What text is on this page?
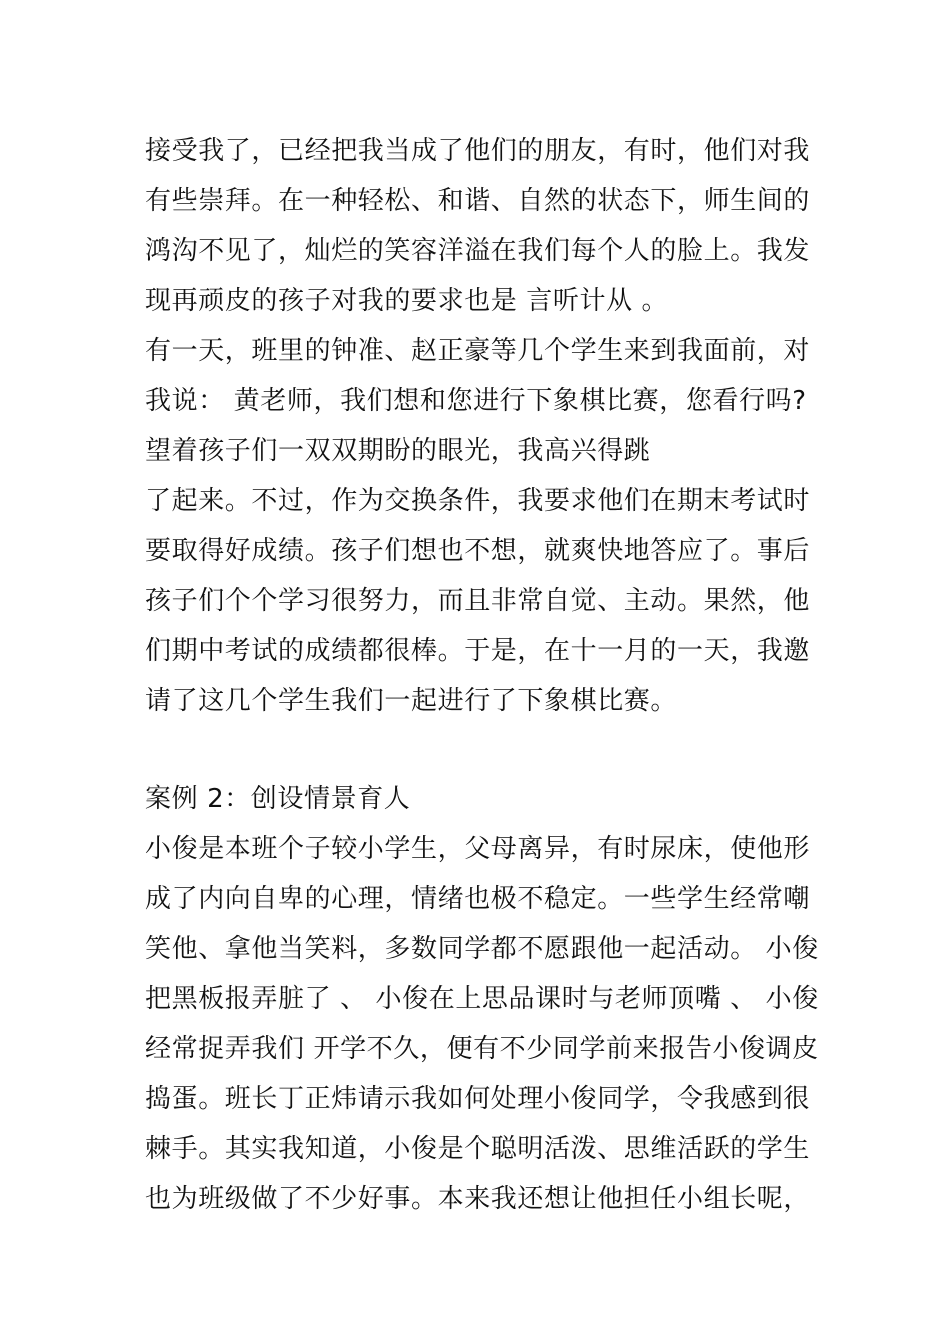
接受我了，已经把我当成了他们的朋友，有时，他们对我
有些崇拜。在一种轻松、和谐、自然的状态下，师生间的
鸿沟不见了，灿烂的笑容洋溢在我们每个人的脸上。我发
现再顽皮的孩子对我的要求也是 言听计从 。
有一天，班里的钟准、赵正豪等几个学生来到我面前，对
我说： 黄老师，我们想和您进行下象棋比赛，您看行吗?
望着孩子们一双双期盼的眼光，我高兴得跳
了起来。不过，作为交换条件，我要求他们在期末考试时
要取得好成绩。孩子们想也不想，就爽快地答应了。事后
孩子们个个学习很努力，而且非常自觉、主动。果然，他
们期中考试的成绩都很棒。于是，在十一月的一天，我邀
请了这几个学生我们一起进行了下象棋比赛。
案例 2：创设情景育人
小俊是本班个子较小学生，父母离异，有时尿床，使他形
成了内向自卑的心理，情绪也极不稳定。一些学生经常嘲
笑他、拿他当笑料，多数同学都不愿跟他一起活动。 小俊
把黑板报弄脏了 、 小俊在上思品课时与老师顶嘴 、 小俊
经常捉弄我们 开学不久，便有不少同学前来报告小俊调皮
捣蛋。班长丁正炜请示我如何处理小俊同学，令我感到很
棘手。其实我知道，小俊是个聪明活泼、思维活跃的学生
也为班级做了不少好事。本来我还想让他担任小组长呢，
